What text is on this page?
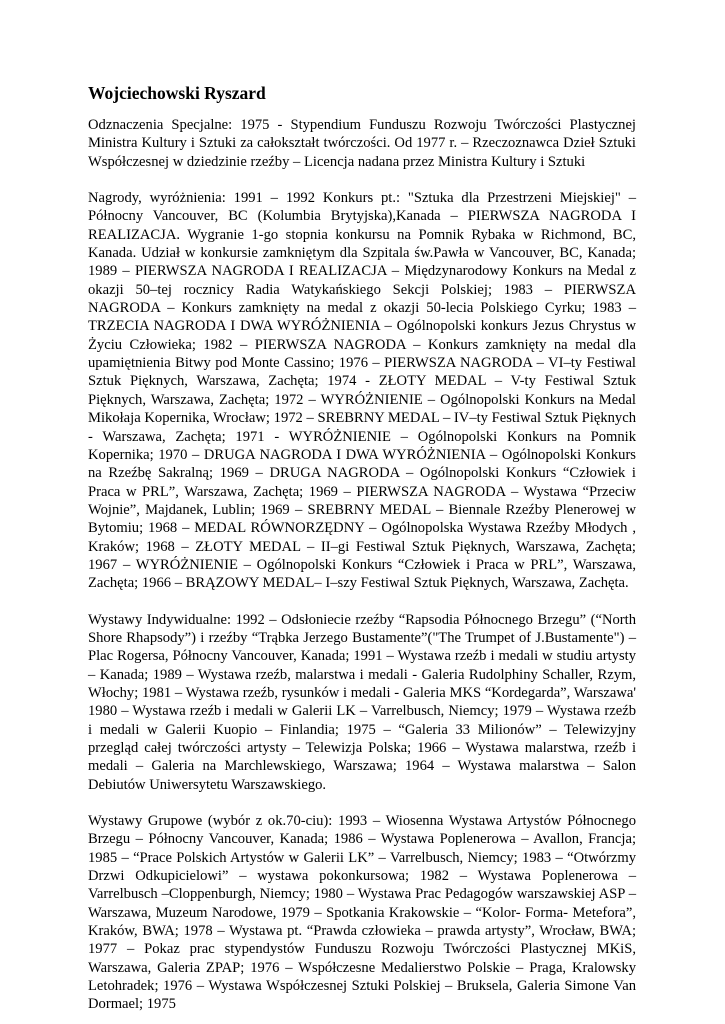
Wojciechowski Ryszard

Odznaczenia Specjalne: 1975 - Stypendium Funduszu Rozwoju Twórczości Plastycznej Ministra Kultury i Sztuki za całokształt twórczości. Od 1977 r. – Rzeczoznawca Dzieł Sztuki Współczesnej w dziedzinie rzeźby – Licencja nadana przez Ministra Kultury i Sztuki

Nagrody, wyróżnienia: 1991 – 1992 Konkurs pt.: "Sztuka dla Przestrzeni Miejskiej" – Północny Vancouver, BC (Kolumbia Brytyjska),Kanada – PIERWSZA NAGRODA I REALIZACJA. Wygranie 1-go stopnia konkursu na Pomnik Rybaka w Richmond, BC, Kanada. Udział w konkursie zamkniętym dla Szpitala św.Pawła w Vancouver, BC, Kanada; 1989 – PIERWSZA NAGRODA I REALIZACJA – Międzynarodowy Konkurs na Medal z okazji 50–tej rocznicy Radia Watykańskiego Sekcji Polskiej; 1983 – PIERWSZA NAGRODA – Konkurs zamknięty na medal z okazji 50-lecia Polskiego Cyrku; 1983 – TRZECIA NAGRODA I DWA WYRÓŻNIENIA – Ogólnopolski konkurs Jezus Chrystus w Życiu Człowieka; 1982 – PIERWSZA NAGRODA – Konkurs zamknięty na medal dla upamiętnienia Bitwy pod Monte Cassino; 1976 – PIERWSZA NAGRODA – VI–ty Festiwal Sztuk Pięknych, Warszawa, Zachęta; 1974 - ZŁOTY MEDAL – V-ty Festiwal Sztuk Pięknych, Warszawa, Zachęta; 1972 – WYRÓŻNIENIE – Ogólnopolski Konkurs na Medal Mikołaja Kopernika, Wrocław; 1972 – SREBRNY MEDAL – IV–ty Festiwal Sztuk Pięknych - Warszawa, Zachęta; 1971 - WYRÓŻNIENIE – Ogólnopolski Konkurs na Pomnik Kopernika; 1970 – DRUGA NAGRODA I DWA WYRÓŻNIENIA – Ogólnopolski Konkurs na Rzeźbę Sakralną; 1969 – DRUGA NAGRODA – Ogólnopolski Konkurs “Człowiek i Praca w PRL”, Warszawa, Zachęta; 1969 – PIERWSZA NAGRODA – Wystawa “Przeciw Wojnie”, Majdanek, Lublin; 1969 – SREBRNY MEDAL – Biennale Rzeźby Plenerowej w Bytomiu; 1968 – MEDAL RÓWNORZĘDNY – Ogólnopolska Wystawa Rzeźby Młodych , Kraków; 1968 – ZŁOTY MEDAL – II–gi Festiwal Sztuk Pięknych, Warszawa, Zachęta; 1967 – WYRÓŻNIENIE – Ogólnopolski Konkurs “Człowiek i Praca w PRL”, Warszawa, Zachęta; 1966 – BRĄZOWY MEDAL– I–szy Festiwal Sztuk Pięknych, Warszawa, Zachęta.

Wystawy Indywidualne: 1992 – Odsłoniecie rzeźby “Rapsodia Północnego Brzegu” (“North Shore Rhapsody”) i rzeźby “Trąbka Jerzego Bustamente”("The Trumpet of J.Bustamente") – Plac Rogersa, Północny Vancouver, Kanada; 1991 – Wystawa rzeźb i medali w studiu artysty – Kanada; 1989 – Wystawa rzeźb, malarstwa i medali - Galeria Rudolphiny Schaller, Rzym, Włochy; 1981 – Wystawa rzeźb, rysunków i medali - Galeria MKS “Kordegarda”, Warszawa' 1980 – Wystawa rzeźb i medali w Galerii LK – Varrelbusch, Niemcy; 1979 – Wystawa rzeźb i medali w Galerii Kuopio – Finlandia; 1975 – “Galeria 33 Milionów” – Telewizyjny przegląd całej twórczości artysty – Telewizja Polska; 1966 – Wystawa malarstwa, rzeźb i medali – Galeria na Marchlewskiego, Warszawa; 1964 – Wystawa malarstwa – Salon Debiutów Uniwersytetu Warszawskiego.

Wystawy Grupowe (wybór z ok.70-ciu): 1993 – Wiosenna Wystawa Artystów Północnego Brzegu – Północny Vancouver, Kanada; 1986 – Wystawa Poplenerowa – Avallon, Francja; 1985 – “Prace Polskich Artystów w Galerii LK” – Varrelbusch, Niemcy; 1983 – “Otwórzmy Drzwi Odkupicielowi” – wystawa pokonkursowa; 1982 – Wystawa Poplenerowa – Varrelbusch –Cloppenburgh, Niemcy; 1980 – Wystawa Prac Pedagogów warszawskiej ASP – Warszawa, Muzeum Narodowe, 1979 – Spotkania Krakowskie – “Kolor- Forma- Metefora”, Kraków, BWA; 1978 – Wystawa pt. “Prawda człowieka – prawda artysty”, Wrocław, BWA; 1977 – Pokaz prac stypendystów Funduszu Rozwoju Twórczości Plastycznej MKiS, Warszawa, Galeria ZPAP; 1976 – Współczesne Medalierstwo Polskie – Praga, Kralowsky Letohradek; 1976 – Wystawa Współczesnej Sztuki Polskiej – Bruksela, Galeria Simone Van Dormael; 1975
